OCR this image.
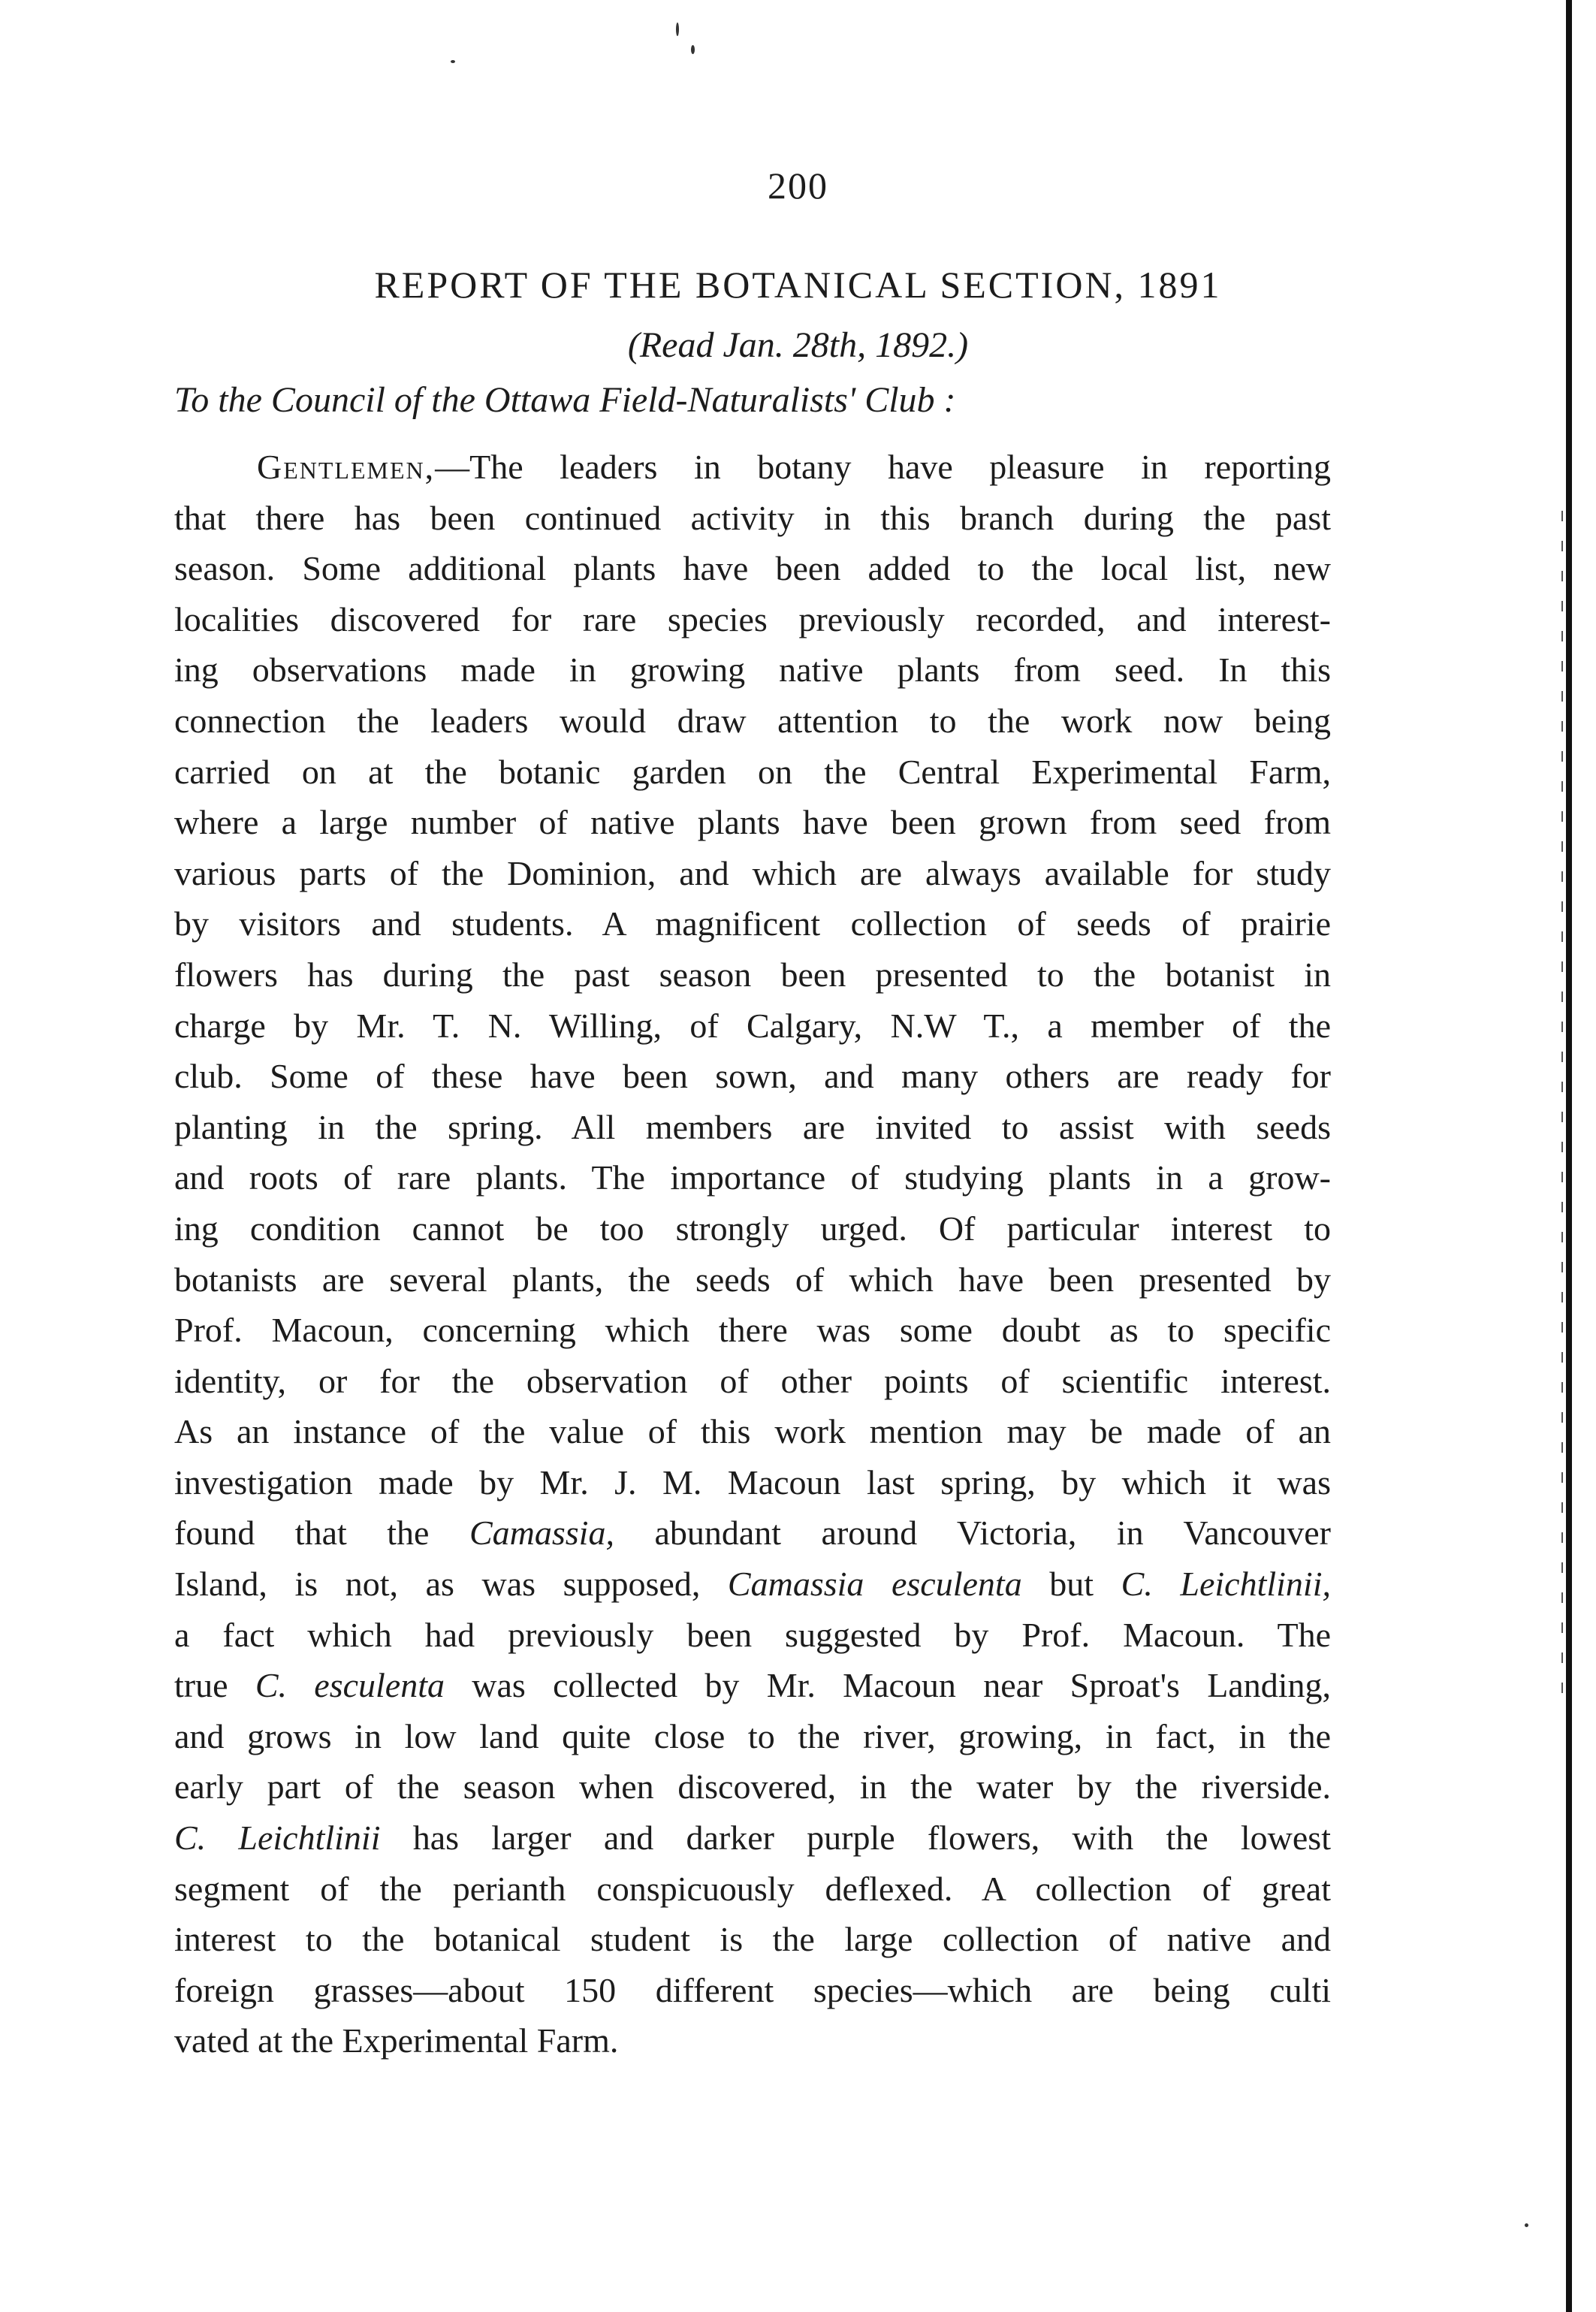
200
REPORT OF THE BOTANICAL SECTION, 1891
(Read Jan. 28th, 1892.)
To the Council of the Ottawa Field-Naturalists' Club :
Gentlemen,—The leaders in botany have pleasure in reporting
that there has been continued activity in this branch during the past
season. Some additional plants have been added to the local list, new
localities discovered for rare species previously recorded, and interest-
ing observations made in growing native plants from seed. In this
connection the leaders would draw attention to the work now being
carried on at the botanic garden on the Central Experimental Farm,
where a large number of native plants have been grown from seed from
various parts of the Dominion, and which are always available for study
by visitors and students. A magnificent collection of seeds of prairie
flowers has during the past season been presented to the botanist in
charge by Mr. T. N. Willing, of Calgary, N.W T., a member of the
club. Some of these have been sown, and many others are ready for
planting in the spring. All members are invited to assist with seeds
and roots of rare plants. The importance of studying plants in a grow-
ing condition cannot be too strongly urged. Of particular interest to
botanists are several plants, the seeds of which have been presented by
Prof. Macoun, concerning which there was some doubt as to specific
identity, or for the observation of other points of scientific interest.
As an instance of the value of this work mention may be made of an
investigation made by Mr. J. M. Macoun last spring, by which it was
found that the Camassia, abundant around Victoria, in Vancouver
Island, is not, as was supposed, Camassia esculenta but C. Leichtlinii,
a fact which had previously been suggested by Prof. Macoun. The
true C. esculenta was collected by Mr. Macoun near Sproat's Landing,
and grows in low land quite close to the river, growing, in fact, in the
early part of the season when discovered, in the water by the riverside.
C. Leichtlinii has larger and darker purple flowers, with the lowest
segment of the perianth conspicuously deflexed. A collection of great
interest to the botanical student is the large collection of native and
foreign grasses—about 150 different species—which are being culti
vated at the Experimental Farm.
